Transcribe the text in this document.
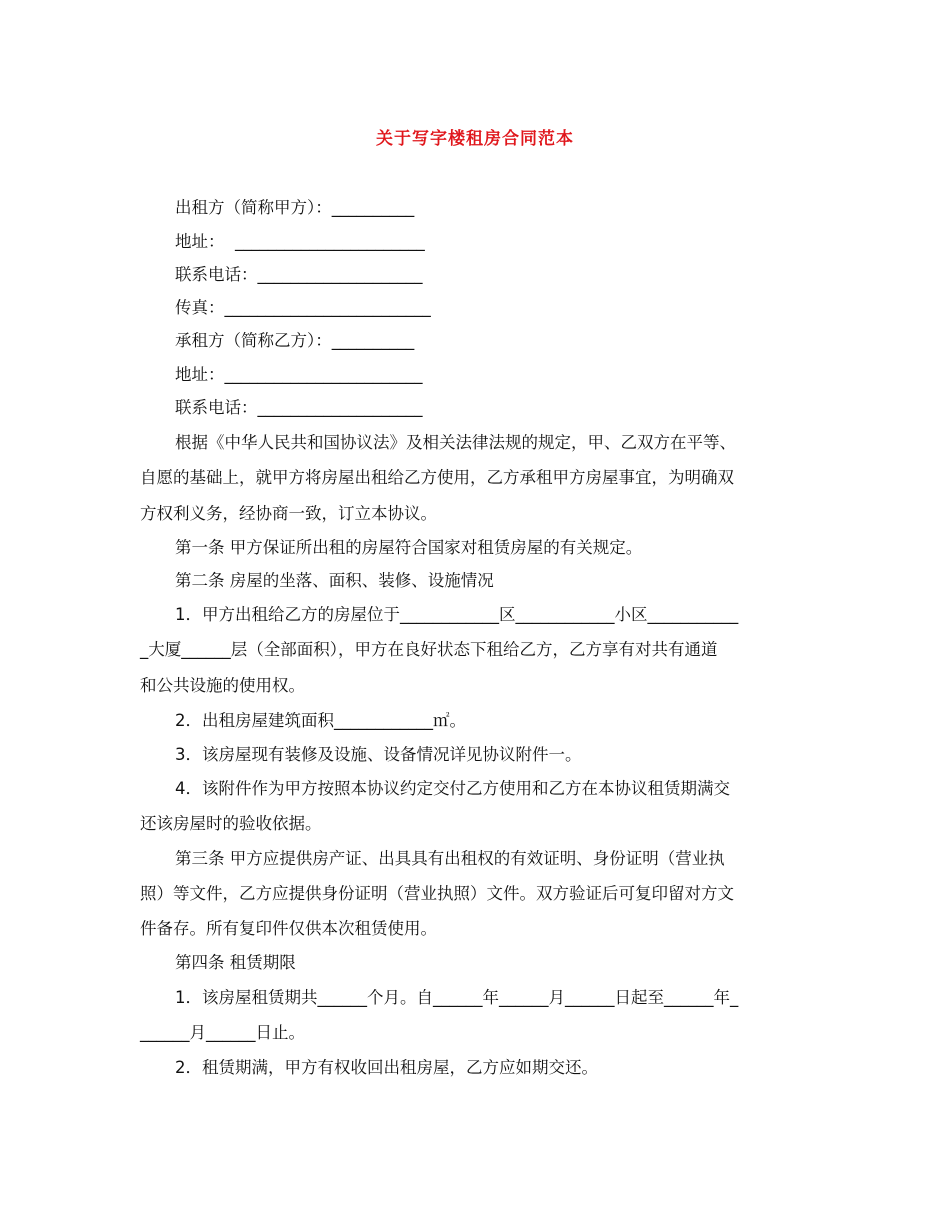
关于写字楼租房合同范本
出租方（简称甲方）：__________
地址：  _______________________
联系电话：____________________
传真：_________________________
承租方（简称乙方）：__________
地址：________________________
联系电话：____________________
根据《中华人民共和国协议法》及相关法律法规的规定，甲、乙双方在平等、
自愿的基础上，就甲方将房屋出租给乙方使用，乙方承租甲方房屋事宜，为明确双
方权利义务，经协商一致，订立本协议。
第一条 甲方保证所出租的房屋符合国家对租赁房屋的有关规定。
第二条 房屋的坐落、面积、装修、设施情况
1．甲方出租给乙方的房屋位于____________区____________小区___________
_大厦______层（全部面积），甲方在良好状态下租给乙方，乙方享有对共有通道
和公共设施的使用权。
2．出租房屋建筑面积____________㎡。
3．该房屋现有装修及设施、设备情况详见协议附件一。
4．该附件作为甲方按照本协议约定交付乙方使用和乙方在本协议租赁期满交
还该房屋时的验收依据。
第三条 甲方应提供房产证、出具具有出租权的有效证明、身份证明（营业执
照）等文件，乙方应提供身份证明（营业执照）文件。双方验证后可复印留对方文
件备存。所有复印件仅供本次租赁使用。
第四条 租赁期限
1．该房屋租赁期共______个月。自______年______月______日起至______年_
______月______日止。
2．租赁期满，甲方有权收回出租房屋，乙方应如期交还。
